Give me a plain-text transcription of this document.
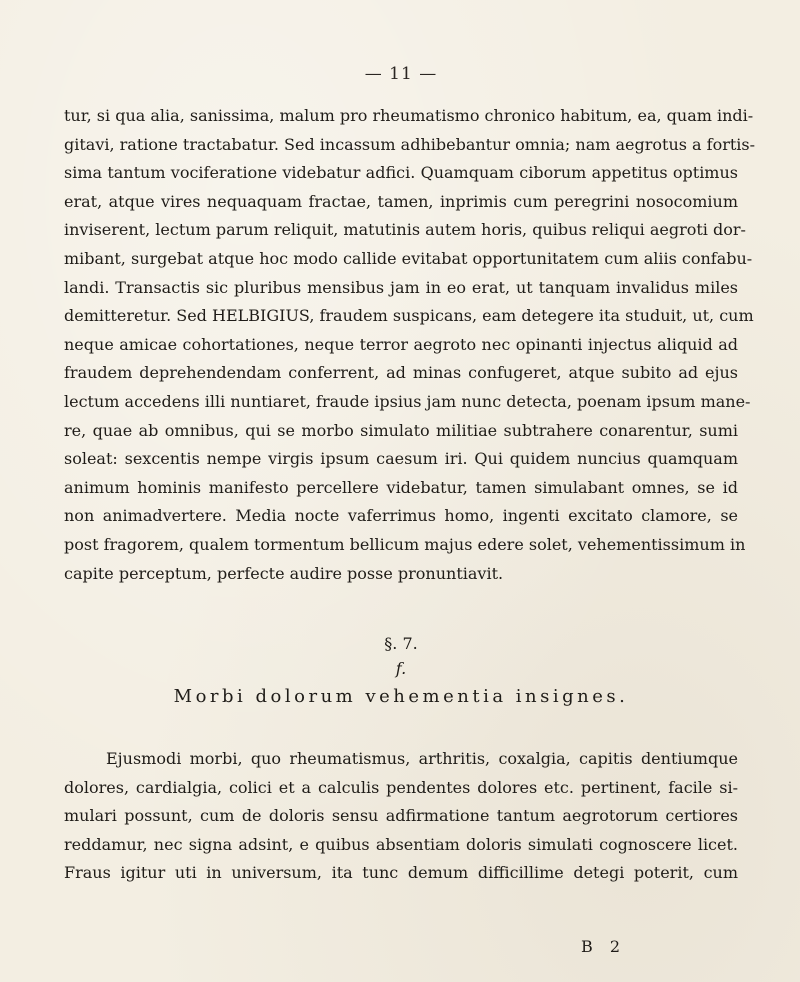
— 11 —

tur, si qua alia, sanissima, malum pro rheumatismo chronico habitum, ea, quam indi-
gitavi, ratione tractabatur. Sed incassum adhibebantur omnia; nam aegrotus a fortis-
sima tantum vociferatione videbatur adfici. Quamquam ciborum appetitus optimus
erat, atque vires nequaquam fractae, tamen, inprimis cum peregrini nosocomium
inviserent, lectum parum reliquit, matutinis autem horis, quibus reliqui aegroti dor-
mibant, surgebat atque hoc modo callide evitabat opportunitatem cum aliis confabu-
landi. Transactis sic pluribus mensibus jam in eo erat, ut tanquam invalidus miles
demitteretur. Sed HELBIGIUS, fraudem suspicans, eam detegere ita studuit, ut, cum
neque amicae cohortationes, neque terror aegroto nec opinanti injectus aliquid ad
fraudem deprehendendam conferrent, ad minas confugeret, atque subito ad ejus
lectum accedens illi nuntiaret, fraude ipsius jam nunc detecta, poenam ipsum mane-
re, quae ab omnibus, qui se morbo simulato militiae subtrahere conarentur, sumi
soleat: sexcentis nempe virgis ipsum caesum iri. Qui quidem nuncius quamquam
animum hominis manifesto percellere videbatur, tamen simulabant omnes, se id
non animadvertere. Media nocte vaferrimus homo, ingenti excitato clamore, se
post fragorem, qualem tormentum bellicum majus edere solet, vehementissimum in
capite perceptum, perfecte audire posse pronuntiavit.

§. 7.
f.
Morbi dolorum vehementia insignes.

Ejusmodi morbi, quo rheumatismus, arthritis, coxalgia, capitis dentiumque
dolores, cardialgia, colici et a calculis pendentes dolores etc. pertinent, facile si-
mulari possunt, cum de doloris sensu adfirmatione tantum aegrotorum certiores
reddamur, nec signa adsint, e quibus absentiam doloris simulati cognoscere licet.
Fraus igitur uti in universum, ita tunc demum difficillime detegi poterit, cum

B 2
